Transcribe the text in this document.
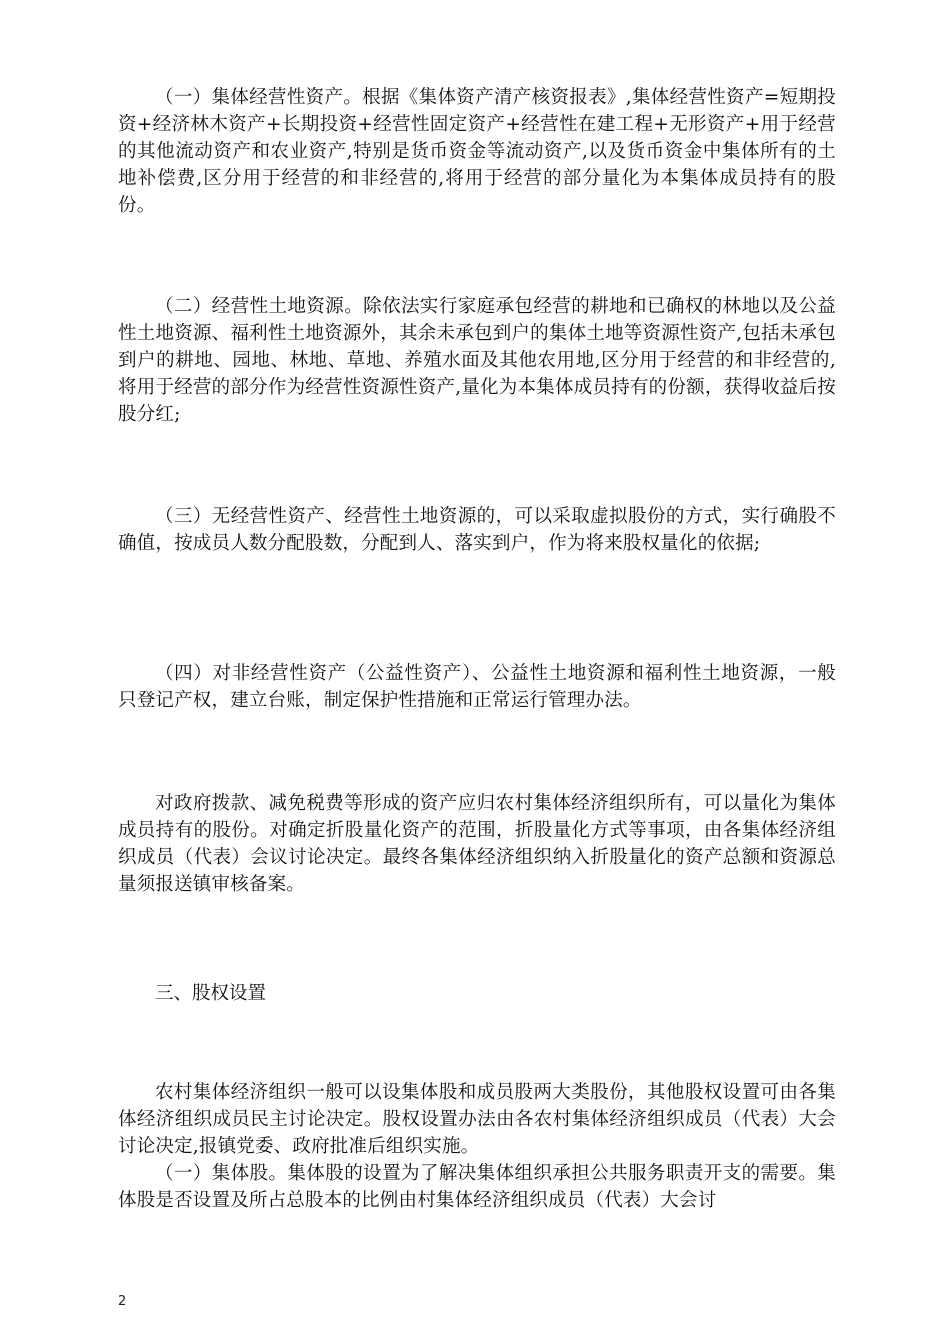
（一）集体经营性资产。根据《集体资产清产核资报表》,集体经营性资产=短期投资+经济林木资产+长期投资+经营性固定资产+经营性在建工程+无形资产+用于经营的其他流动资产和农业资产,特别是货币资金等流动资产,以及货币资金中集体所有的土地补偿费,区分用于经营的和非经营的,将用于经营的部分量化为本集体成员持有的股份。

（二）经营性土地资源。除依法实行家庭承包经营的耕地和已确权的林地以及公益性土地资源、福利性土地资源外，其余未承包到户的集体土地等资源性资产,包括未承包到户的耕地、园地、林地、草地、养殖水面及其他农用地,区分用于经营的和非经营的,将用于经营的部分作为经营性资源性资产,量化为本集体成员持有的份额，获得收益后按股分红;

（三）无经营性资产、经营性土地资源的，可以采取虚拟股份的方式，实行确股不确值，按成员人数分配股数，分配到人、落实到户，作为将来股权量化的依据;

（四）对非经营性资产（公益性资产）、公益性土地资源和福利性土地资源，一般只登记产权，建立台账，制定保护性措施和正常运行管理办法。

对政府拨款、减免税费等形成的资产应归农村集体经济组织所有，可以量化为集体成员持有的股份。对确定折股量化资产的范围，折股量化方式等事项，由各集体经济组织成员（代表）会议讨论决定。最终各集体经济组织纳入折股量化的资产总额和资源总量须报送镇审核备案。

三、股权设置

农村集体经济组织一般可以设集体股和成员股两大类股份，其他股权设置可由各集体经济组织成员民主讨论决定。股权设置办法由各农村集体经济组织成员（代表）大会讨论决定,报镇党委、政府批准后组织实施。

（一）集体股。集体股的设置为了解决集体组织承担公共服务职责开支的需要。集体股是否设置及所占总股本的比例由村集体经济组织成员（代表）大会讨

2
